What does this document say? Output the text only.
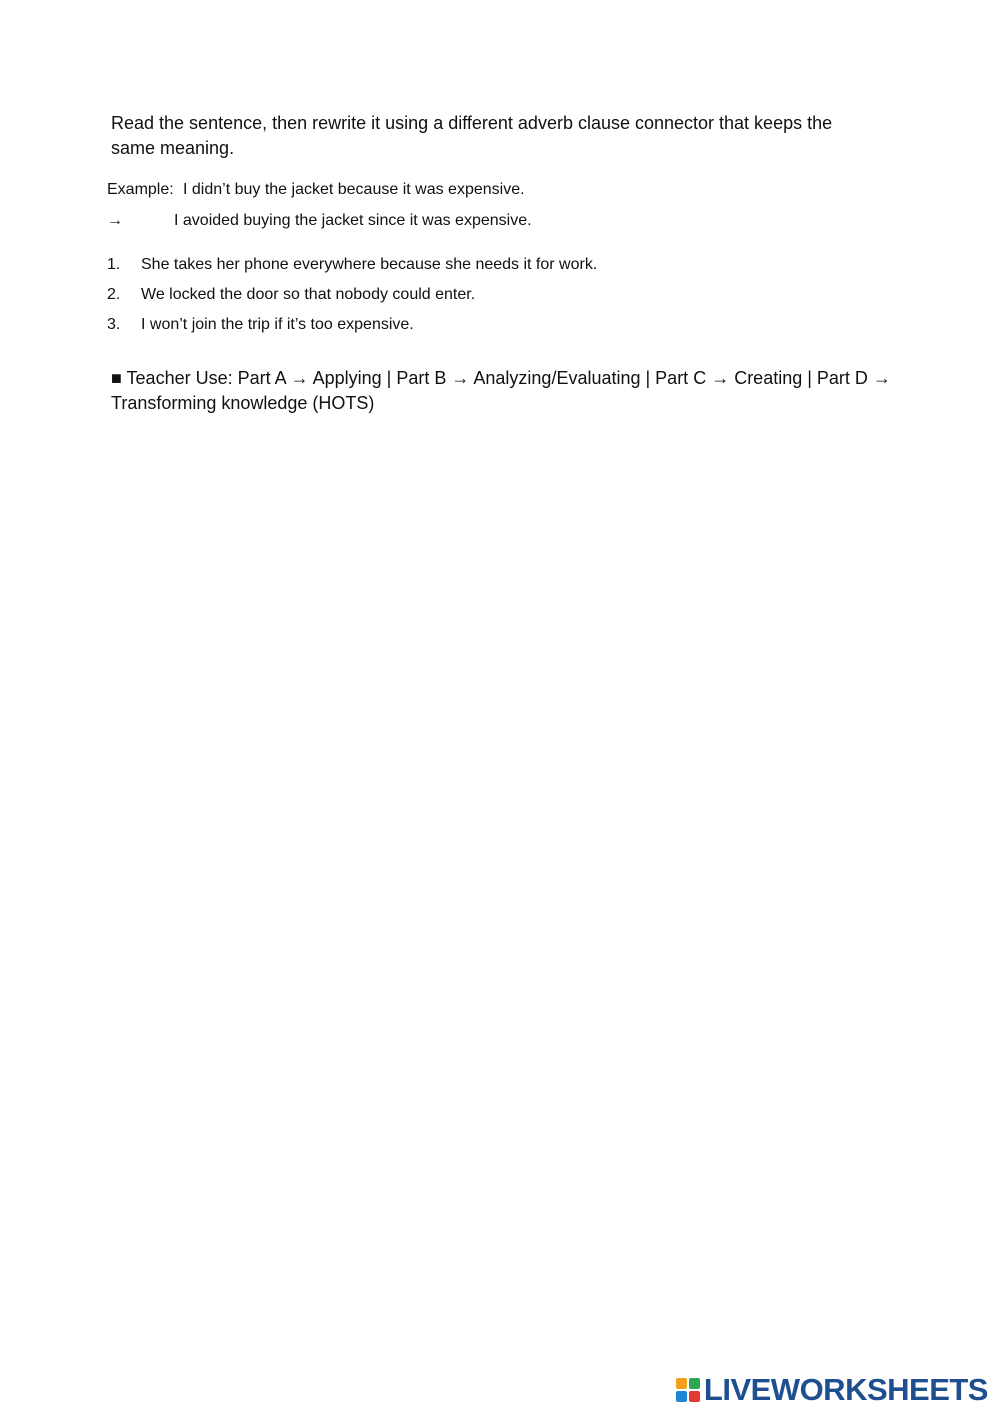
Read the sentence, then rewrite it using a different adverb clause connector that keeps the same meaning.

Example: I didn’t buy the jacket because it was expensive.
→	I avoided buying the jacket since it was expensive.
1. She takes her phone everywhere because she needs it for work.
2. We locked the door so that nobody could enter.
3. I won’t join the trip if it’s too expensive.

■ Teacher Use: Part A → Applying | Part B → Analyzing/Evaluating | Part C → Creating | Part D → Transforming knowledge (HOTS)

LIVEWORKSHEETS
